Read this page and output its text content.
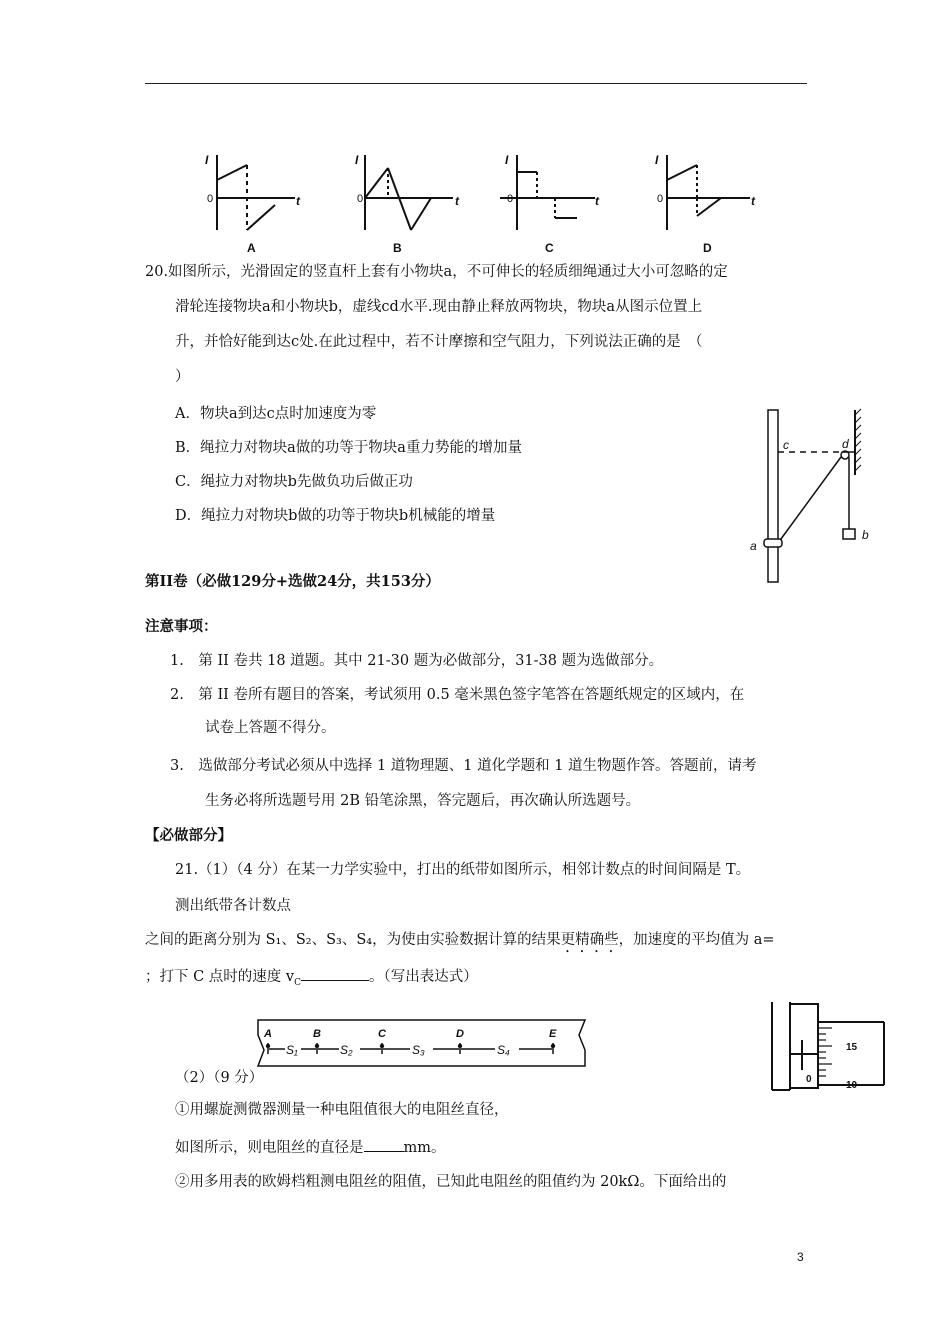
I
t
I
t
I
t
I
t
0	0	0	0
A	B	C	D
20.如图所示，光滑固定的竖直杆上套有小物块a，不可伸长的轻质细绳通过大小可忽略的定
滑轮连接物块a和小物块b，虚线cd水平.现由静止释放两物块，物块a从图示位置上
升，并恰好能到达c处.在此过程中，若不计摩擦和空气阻力，下列说法正确的是　（
）
A．物块a到达c点时加速度为零
B．绳拉力对物块a做的功等于物块a重力势能的增加量
C．绳拉力对物块b先做负功后做正功
D．绳拉力对物块b做的功等于物块b机械能的增量
c	d
a
b
第II卷（必做129分+选做24分，共153分）
注意事项：
1.　第 II 卷共 18 道题。其中 21-30 题为必做部分，31-38 题为选做部分。
2.　第 II 卷所有题目的答案，考试须用 0.5 毫米黑色签字笔答在答题纸规定的区域内，在
试卷上答题不得分。
3.　选做部分考试必须从中选择 1 道物理题、1 道化学题和 1 道生物题作答。答题前，请考
生务必将所选题号用 2B 铅笔涂黑，答完题后，再次确认所选题号。
【必做部分】
21.（1）（4 分）在某一力学实验中，打出的纸带如图所示，相邻计数点的时间间隔是 T。
测出纸带各计数点
之间的距离分别为 S₁、S₂、S₃、S₄，为使由实验数据计算的结果更精确些，加速度的平均值为 a=
；打下 C 点时的速度 $v_C$	。（写出表达式）
A	B	C	D	E
S₁	S₂	S₃	S₄	15
10
0
（2）（9 分）
①用螺旋测微器测量一种电阻值很大的电阻丝直径，
如图所示，则电阻丝的直径是	mm。
②用多用表的欧姆档粗测电阻丝的阻值，已知此电阻丝的阻值约为 20kΩ。下面给出的
3
